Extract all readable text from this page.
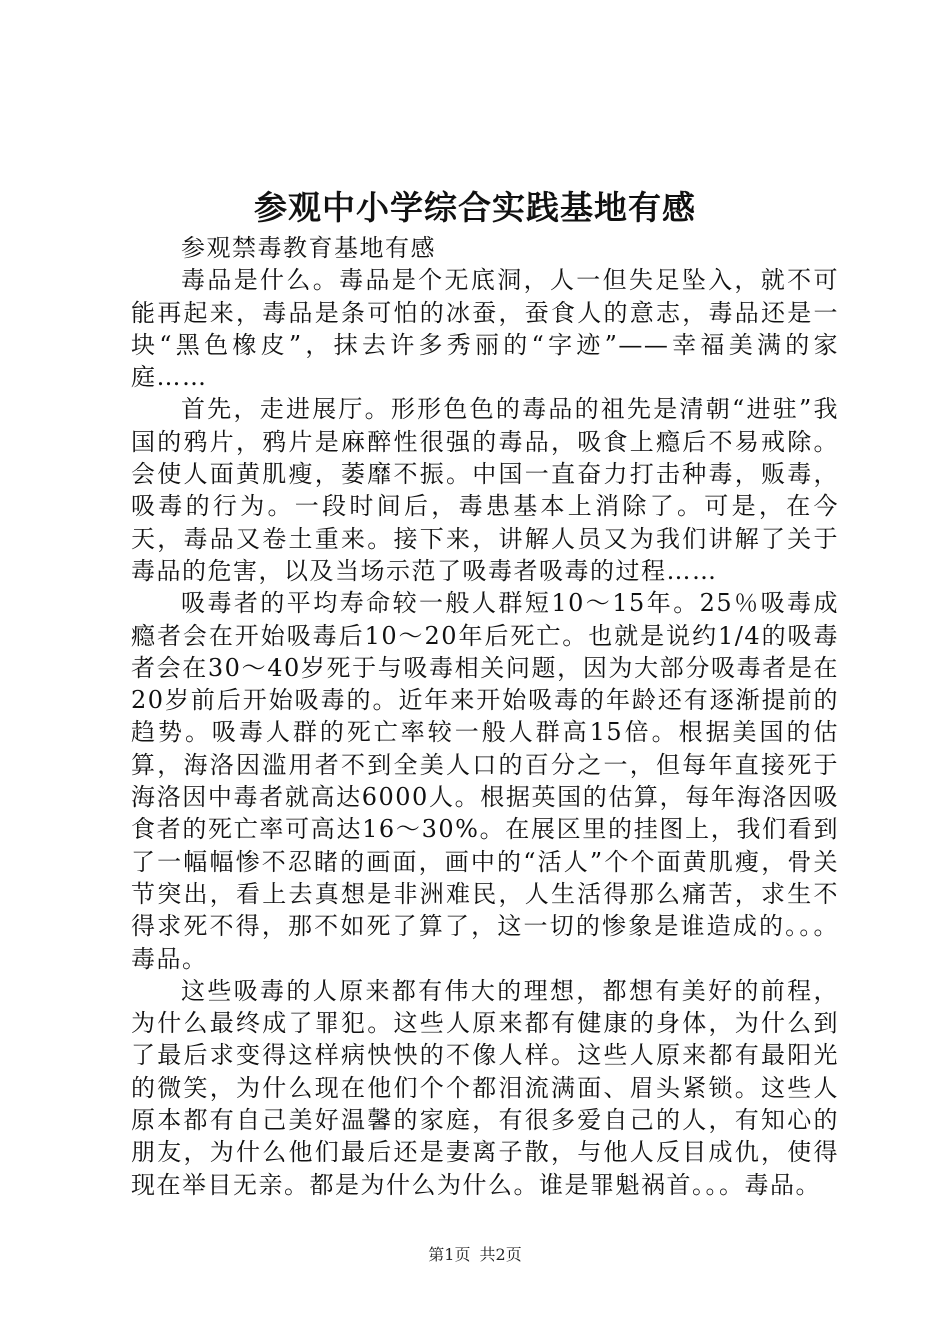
参观中小学综合实践基地有感

参观禁毒教育基地有感

毒品是什么。毒品是个无底洞，人一但失足坠入，就不可能再起来，毒品是条可怕的冰蚕，蚕食人的意志，毒品还是一块“黑色橡皮”，抹去许多秀丽的“字迹”——幸福美满的家庭……

首先，走进展厅。形形色色的毒品的祖先是清朝“进驻”我国的鸦片，鸦片是麻醉性很强的毒品，吸食上瘾后不易戒除。会使人面黄肌瘦，萎靡不振。中国一直奋力打击种毒，贩毒，吸毒的行为。一段时间后，毒患基本上消除了。可是，在今天，毒品又卷土重来。接下来，讲解人员又为我们讲解了关于毒品的危害，以及当场示范了吸毒者吸毒的过程……

吸毒者的平均寿命较一般人群短10～15年。25％吸毒成瘾者会在开始吸毒后10～20年后死亡。也就是说约1/4的吸毒者会在30～40岁死于与吸毒相关问题，因为大部分吸毒者是在20岁前后开始吸毒的。近年来开始吸毒的年龄还有逐渐提前的趋势。吸毒人群的死亡率较一般人群高15倍。根据美国的估算，海洛因滥用者不到全美人口的百分之一，但每年直接死于海洛因中毒者就高达6000人。根据英国的估算，每年海洛因吸食者的死亡率可高达16～30%。在展区里的挂图上，我们看到了一幅幅惨不忍睹的画面，画中的“活人”个个面黄肌瘦，骨关节突出，看上去真想是非洲难民，人生活得那么痛苦，求生不得求死不得，那不如死了算了，这一切的惨象是谁造成的。。。毒品。

这些吸毒的人原来都有伟大的理想，都想有美好的前程，为什么最终成了罪犯。这些人原来都有健康的身体，为什么到了最后求变得这样病怏怏的不像人样。这些人原来都有最阳光的微笑，为什么现在他们个个都泪流满面、眉头紧锁。这些人原本都有自己美好温馨的家庭，有很多爱自己的人，有知心的朋友，为什么他们最后还是妻离子散，与他人反目成仇，使得现在举目无亲。都是为什么为什么。谁是罪魁祸首。。。毒品。

第1页 共2页
